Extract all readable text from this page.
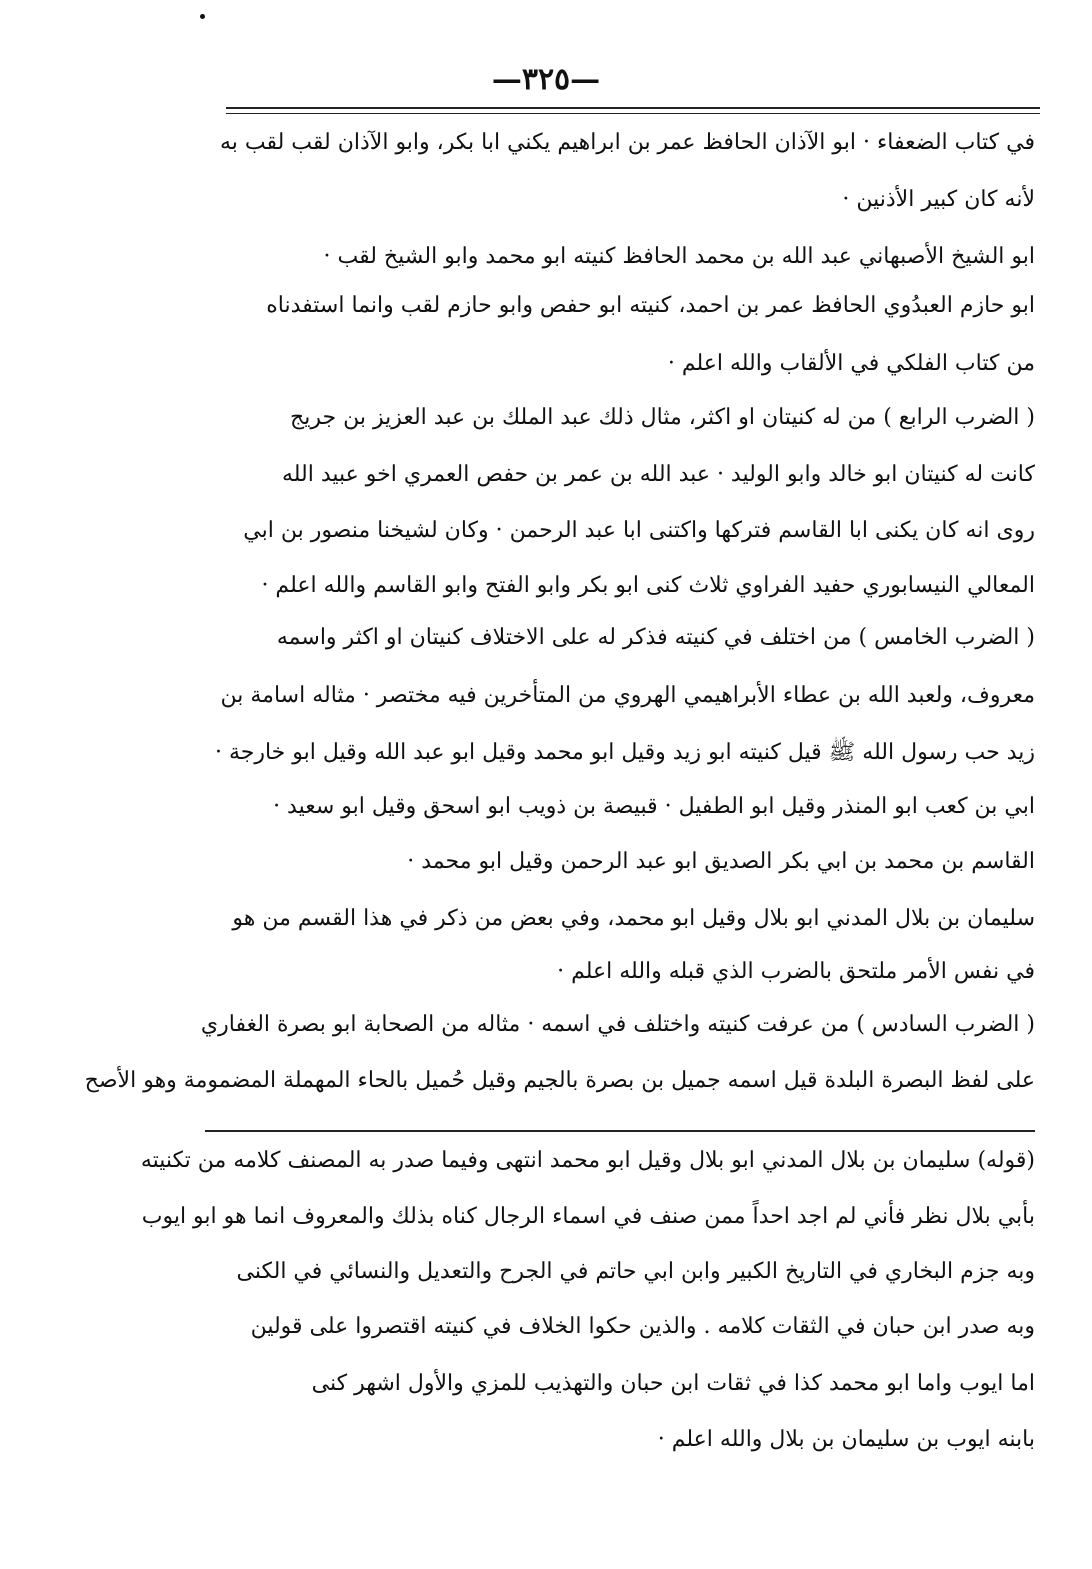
—٣٢٥—
في كتاب الضعفاء · ابو الآذان الحافظ عمر بن ابراهيم يكني ابا بكر، وابو الآذان لقب لقب به
لأنه كان كبير الأذنين ·
ابو الشيخ الأصبهاني عبد الله بن محمد الحافظ كنيته ابو محمد وابو الشيخ لقب ·
ابو حازم العبدُوي الحافظ عمر بن احمد، كنيته ابو حفص وابو حازم لقب وانما استفدناه
من كتاب الفلكي في الألقاب والله اعلم ·
( الضرب الرابع ) من له كنيتان او اكثر، مثال ذلك عبد الملك بن عبد العزيز بن جريج
كانت له كنيتان ابو خالد وابو الوليد · عبد الله بن عمر بن حفص العمري اخو عبيد الله
روى انه كان يكنى ابا القاسم فتركها واكتنى ابا عبد الرحمن · وكان لشيخنا منصور بن ابي
المعالي النيسابوري حفيد الفراوي ثلاث كنى ابو بكر وابو الفتح وابو القاسم والله اعلم ·
( الضرب الخامس ) من اختلف في كنيته فذكر له على الاختلاف كنيتان او اكثر واسمه
معروف، ولعبد الله بن عطاء الأبراهيمي الهروي من المتأخرين فيه مختصر · مثاله اسامة بن
زيد حب رسول الله ﷺ قيل كنيته ابو زيد وقيل ابو محمد وقيل ابو عبد الله وقيل ابو خارجة ·
ابي بن كعب ابو المنذر وقيل ابو الطفيل · قبيصة بن ذويب ابو اسحق وقيل ابو سعيد ·
القاسم بن محمد بن ابي بكر الصديق ابو عبد الرحمن وقيل ابو محمد ·
سليمان بن بلال المدني ابو بلال وقيل ابو محمد، وفي بعض من ذكر في هذا القسم من هو
في نفس الأمر ملتحق بالضرب الذي قبله والله اعلم ·
( الضرب السادس ) من عرفت كنيته واختلف في اسمه · مثاله من الصحابة ابو بصرة الغفاري
على لفظ البصرة البلدة قيل اسمه جميل بن بصرة بالجيم وقيل حُميل بالحاء المهملة المضمومة وهو الأصح
(قوله) سليمان بن بلال المدني ابو بلال وقيل ابو محمد انتهى وفيما صدر به المصنف كلامه من تكنيته
بأبي بلال نظر فأني لم اجد احداً ممن صنف في اسماء الرجال كناه بذلك والمعروف انما هو ابو ايوب
وبه جزم البخاري في التاريخ الكبير وابن ابي حاتم في الجرح والتعديل والنسائي في الكنى
وبه صدر ابن حبان في الثقات كلامه . والذين حكوا الخلاف في كنيته اقتصروا على قولين
اما ايوب واما ابو محمد كذا في ثقات ابن حبان والتهذيب للمزي والأول اشهر كنى
بابنه ايوب بن سليمان بن بلال والله اعلم ·
